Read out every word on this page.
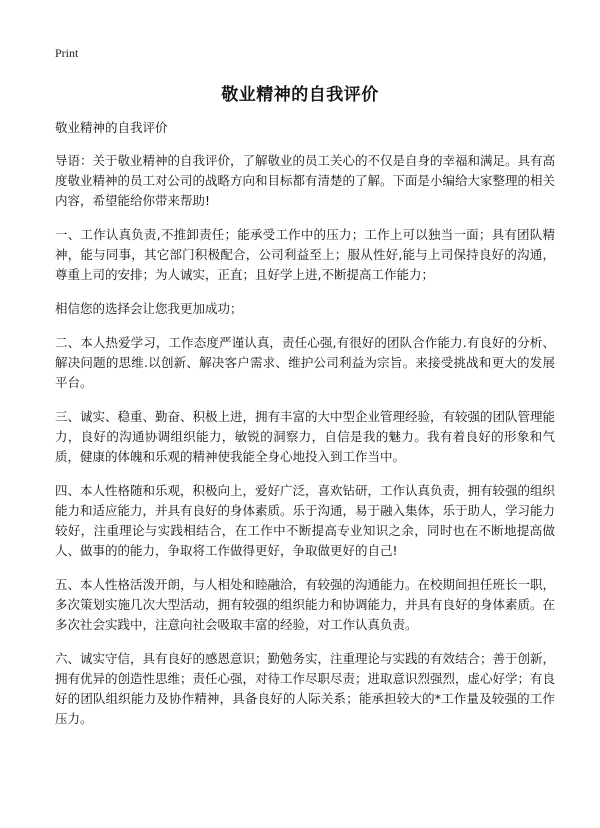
Print
敬业精神的自我评价

敬业精神的自我评价

导语：关于敬业精神的自我评价，了解敬业的员工关心的不仅是自身的幸福和满足。具有高度敬业精神的员工对公司的战略方向和目标都有清楚的了解。下面是小编给大家整理的相关内容，希望能给你带来帮助!

一、工作认真负责,不推卸责任；能承受工作中的压力；工作上可以独当一面；具有团队精神，能与同事，其它部门积极配合，公司利益至上；服从性好,能与上司保持良好的沟通，尊重上司的安排；为人诚实，正直；且好学上进,不断提高工作能力；

相信您的选择会让您我更加成功；

二、本人热爱学习，工作态度严谨认真，责任心强,有很好的团队合作能力.有良好的分析、解决问题的思维.以创新、解决客户需求、维护公司利益为宗旨。来接受挑战和更大的发展平台。

三、诚实、稳重、勤奋、积极上进，拥有丰富的大中型企业管理经验，有较强的团队管理能力，良好的沟通协调组织能力，敏锐的洞察力，自信是我的魅力。我有着良好的形象和气质，健康的体魄和乐观的精神使我能全身心地投入到工作当中。

四、本人性格随和乐观，积极向上，爱好广泛，喜欢钻研，工作认真负责，拥有较强的组织能力和适应能力，并具有良好的身体素质。乐于沟通，易于融入集体，乐于助人，学习能力较好，注重理论与实践相结合，在工作中不断提高专业知识之余，同时也在不断地提高做人、做事的的能力，争取将工作做得更好，争取做更好的自己!

五、本人性格活泼开朗，与人相处和睦融洽，有较强的沟通能力。在校期间担任班长一职，多次策划实施几次大型活动，拥有较强的组织能力和协调能力，并具有良好的身体素质。在多次社会实践中，注意向社会吸取丰富的经验，对工作认真负责。

六、诚实守信，具有良好的感恩意识；勤勉务实，注重理论与实践的有效结合；善于创新，拥有优异的创造性思维；责任心强，对待工作尽职尽责；进取意识烈强烈，虚心好学；有良好的团队组织能力及协作精神，具备良好的人际关系；能承担较大的*工作量及较强的工作压力。
